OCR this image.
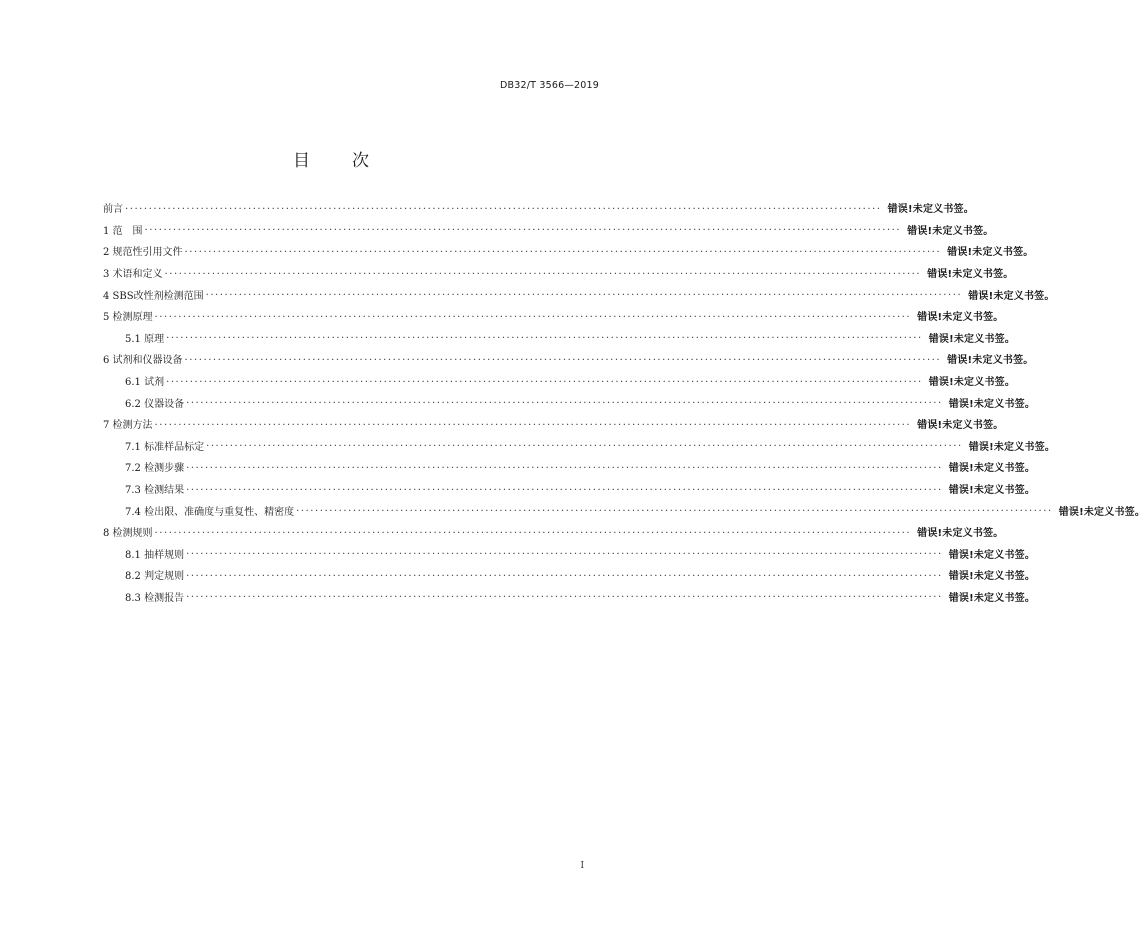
DB32/T 3566—2019
目 次
前言 ................................................................................................................................................................ 错误!未定义书签。
1 范　围 ................................................................................................................................................................ 错误!未定义书签。
2 规范性引用文件 ................................................................................................................................................................ 错误!未定义书签。
3 术语和定义 ................................................................................................................................................................ 错误!未定义书签。
4 SBS改性剂检测范围 ................................................................................................................................................................ 错误!未定义书签。
5 检测原理 ................................................................................................................................................................ 错误!未定义书签。
5.1 原理 ................................................................................................................................................................ 错误!未定义书签。
6 试剂和仪器设备 ................................................................................................................................................................ 错误!未定义书签。
6.1 试剂 ................................................................................................................................................................ 错误!未定义书签。
6.2 仪器设备 ................................................................................................................................................................ 错误!未定义书签。
7 检测方法 ................................................................................................................................................................ 错误!未定义书签。
7.1 标准样品标定 ................................................................................................................................................................ 错误!未定义书签。
7.2 检测步骤 ................................................................................................................................................................ 错误!未定义书签。
7.3 检测结果 ................................................................................................................................................................ 错误!未定义书签。
7.4 检出限、准确度与重复性、精密度 ................................................................................................................................................................ 错误!未定义书签。
8 检测规则 ................................................................................................................................................................ 错误!未定义书签。
8.1 抽样规则 ................................................................................................................................................................ 错误!未定义书签。
8.2 判定规则 ................................................................................................................................................................ 错误!未定义书签。
8.3 检测报告 ................................................................................................................................................................ 错误!未定义书签。
I
